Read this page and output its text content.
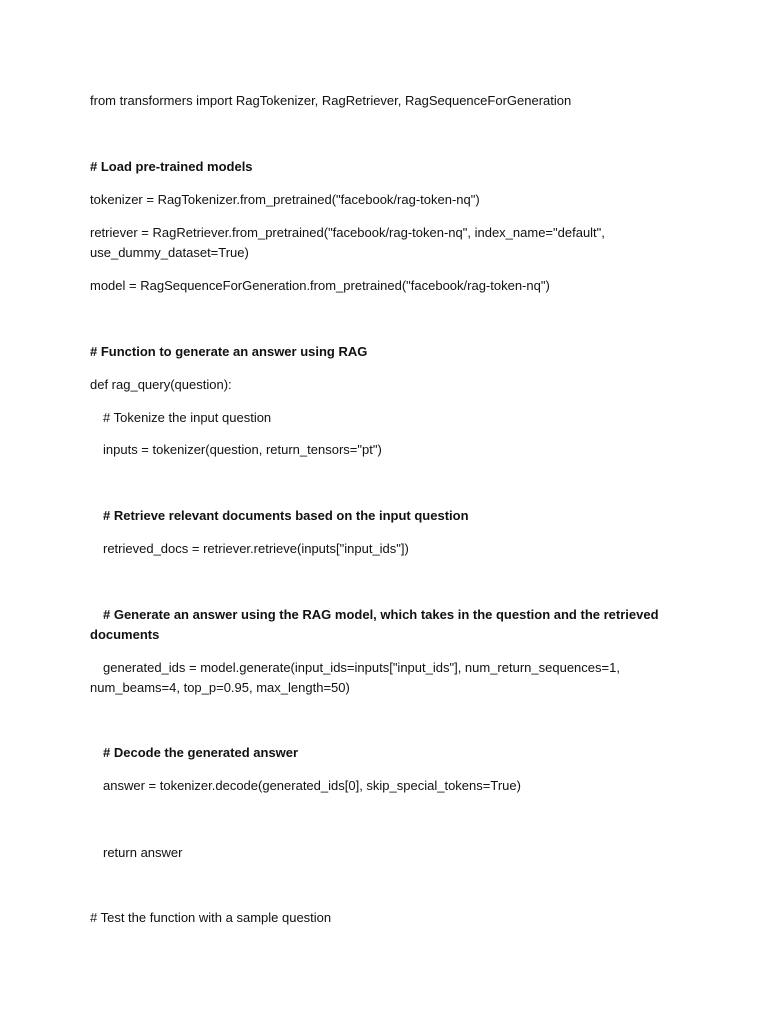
from transformers import RagTokenizer, RagRetriever, RagSequenceForGeneration

# Load pre-trained models

tokenizer = RagTokenizer.from_pretrained("facebook/rag-token-nq")

retriever = RagRetriever.from_pretrained("facebook/rag-token-nq", index_name="default", use_dummy_dataset=True)

model = RagSequenceForGeneration.from_pretrained("facebook/rag-token-nq")

# Function to generate an answer using RAG

def rag_query(question):

# Tokenize the input question

inputs = tokenizer(question, return_tensors="pt")

# Retrieve relevant documents based on the input question

retrieved_docs = retriever.retrieve(inputs["input_ids"])

# Generate an answer using the RAG model, which takes in the question and the retrieved documents

generated_ids = model.generate(input_ids=inputs["input_ids"], num_return_sequences=1, num_beams=4, top_p=0.95, max_length=50)

# Decode the generated answer

answer = tokenizer.decode(generated_ids[0], skip_special_tokens=True)

return answer

# Test the function with a sample question
